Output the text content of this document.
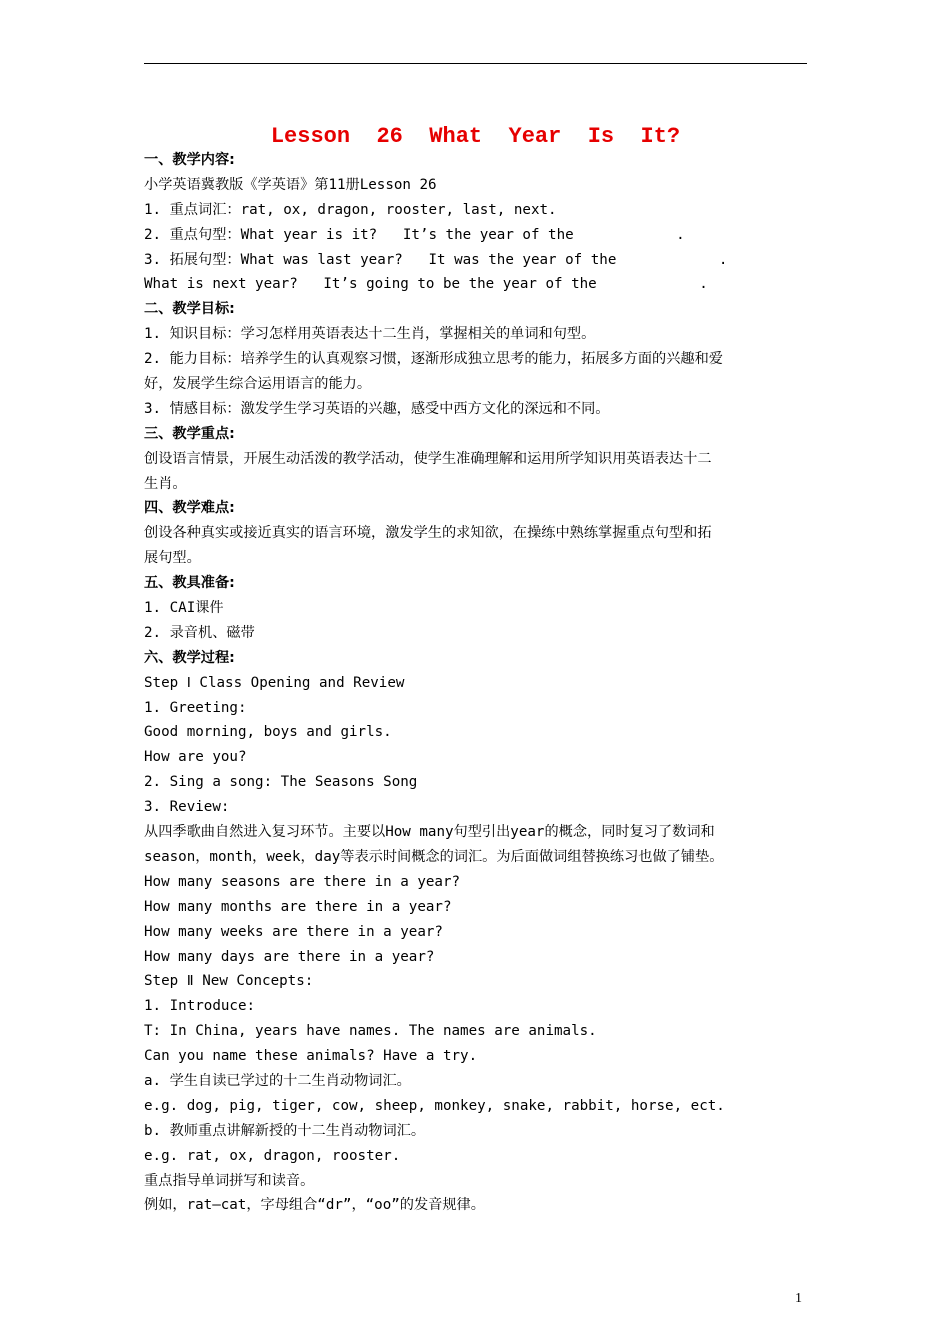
Lesson  26  What  Year  Is  It?
一、教学内容:
小学英语冀教版《学英语》第11册Lesson 26
1. 重点词汇：rat, ox, dragon, rooster, last, next.
2. 重点句型：What year is it?   It’s the year of the            .
3. 拓展句型：What was last year?   It was the year of the            .
What is next year?   It’s going to be the year of the            .
二、教学目标:
1. 知识目标：学习怎样用英语表达十二生肖，掌握相关的单词和句型。
2. 能力目标：培养学生的认真观察习惯，逐渐形成独立思考的能力，拓展多方面的兴趣和爱
好，发展学生综合运用语言的能力。
3. 情感目标：激发学生学习英语的兴趣，感受中西方文化的深远和不同。
三、教学重点:
创设语言情景，开展生动活泼的教学活动，使学生准确理解和运用所学知识用英语表达十二
生肖。
四、教学难点:
创设各种真实或接近真实的语言环境，激发学生的求知欲，在操练中熟练掌握重点句型和拓
展句型。
五、教具准备:
1. CAI课件
2. 录音机、磁带
六、教学过程:
Step Ⅰ Class Opening and Review
1. Greeting:
Good morning, boys and girls.
How are you?
2. Sing a song: The Seasons Song
3. Review:
从四季歌曲自然进入复习环节。主要以How many句型引出year的概念，同时复习了数词和
season，month，week，day等表示时间概念的词汇。为后面做词组替换练习也做了铺垫。
How many seasons are there in a year?
How many months are there in a year?
How many weeks are there in a year?
How many days are there in a year?
Step Ⅱ New Concepts:
1. Introduce:
T: In China, years have names. The names are animals.
Can you name these animals? Have a try.
a. 学生自读已学过的十二生肖动物词汇。
e.g. dog, pig, tiger, cow, sheep, monkey, snake, rabbit, horse, ect.
b. 教师重点讲解新授的十二生肖动物词汇。
e.g. rat, ox, dragon, rooster.
重点指导单词拼写和读音。
例如，rat—cat，字母组合“dr”，“oo”的发音规律。
1
